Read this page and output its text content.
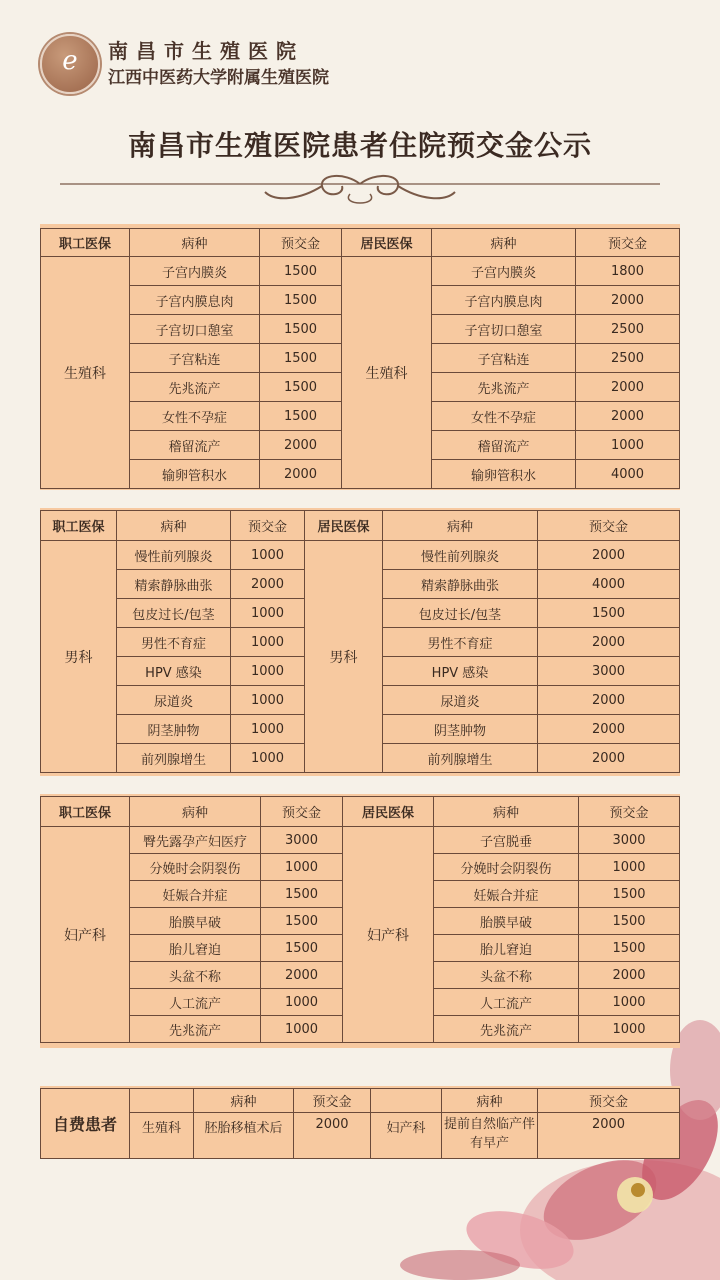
e	南昌市生殖医院
江西中医药大学附属生殖医院
南昌市生殖医院患者住院预交金公示
职工医保	病种	预交金	居民医保	病种	预交金
生殖科	子宫内膜炎	1500	生殖科	子宫内膜炎	1800
	子宫内膜息肉	1500		子宫内膜息肉	2000
	子宫切口憩室	1500		子宫切口憩室	2500
	子宫粘连	1500		子宫粘连	2500
	先兆流产	1500		先兆流产	2000
	女性不孕症	1500		女性不孕症	2000
	稽留流产	2000		稽留流产	1000
	输卵管积水	2000		输卵管积水	4000
职工医保	病种	预交金	居民医保	病种	预交金
男科	慢性前列腺炎	1000	男科	慢性前列腺炎	2000
	精索静脉曲张	2000		精索静脉曲张	4000
	包皮过长/包茎	1000		包皮过长/包茎	1500
	男性不育症	1000		男性不育症	2000
	HPV 感染	1000		HPV 感染	3000
	尿道炎	1000		尿道炎	2000
	阴茎肿物	1000		阴茎肿物	2000
	前列腺增生	1000		前列腺增生	2000
职工医保	病种	预交金	居民医保	病种	预交金
妇产科	臀先露孕产妇医疗	3000	妇产科	子宫脱垂	3000
	分娩时会阴裂伤	1000		分娩时会阴裂伤	1000
	妊娠合并症	1500		妊娠合并症	1500
	胎膜早破	1500		胎膜早破	1500
	胎儿窘迫	1500		胎儿窘迫	1500
	头盆不称	2000		头盆不称	2000
	人工流产	1000		人工流产	1000
	先兆流产	1000		先兆流产	1000
自费患者		病种	预交金		病种	预交金
	生殖科	胚胎移植术后	2000	妇产科	提前自然临产伴有早产	2000
